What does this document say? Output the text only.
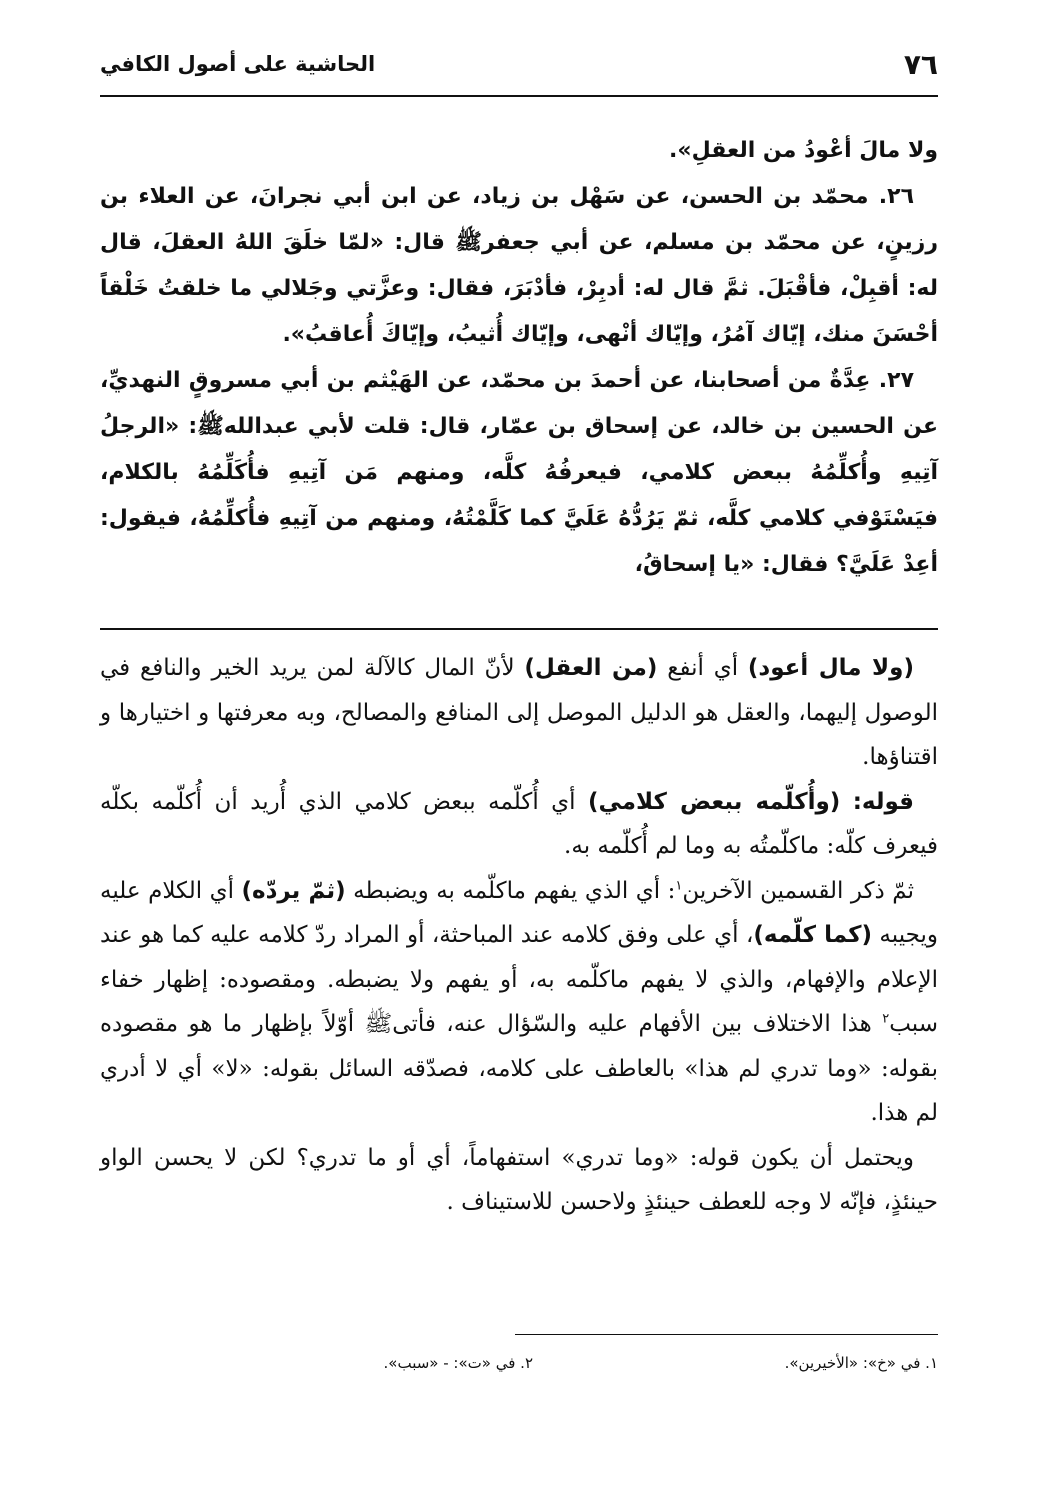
٧٦
الحاشية على أصول الكافي

ولا مالَ أعْودُ من العقلِ».

٢٦. محمّد بن الحسن، عن سَهْل بن زياد، عن ابن أبي نجرانَ، عن العلاء بن رزينٍ، عن محمّد بن مسلم، عن أبي جعفرﷺ قال: «لمّا خلَقَ اللهُ العقلَ، قال له: أقبِلْ، فأقْبَلَ. ثمَّ قال له: أدبِرْ، فأدْبَرَ، فقال: وعزَّتي وجَلالي ما خلقتُ خَلْقاً أحْسَنَ منك، إيّاك آمُرُ، وإيّاك أنْهى، وإيّاك أُثيبُ، وإيّاكَ أُعاقبُ».

٢٧. عِدَّةٌ من أصحابنا، عن أحمدَ بن محمّد، عن الهَيْثم بن أبي مسروقٍ النهديِّ، عن الحسين بن خالد، عن إسحاق بن عمّار، قال: قلت لأبي عبداللهﷺ: «الرجلُ آتِيهِ وأُكلِّمُهُ ببعض كلامي، فيعرفُهُ كلَّه، ومنهم مَن آتِيهِ فأُكَلِّمُهُ بالكلام، فيَسْتَوْفي كلامي كلَّه، ثمّ يَرُدُّهُ عَلَيَّ كما كَلَّمْتُهُ، ومنهم من آتِيهِ فأُكلِّمُهُ، فيقول: أعِدْ عَلَيَّ؟ فقال: «يا إسحاقُ،

(ولا مال أعود) أي أنفع (من العقل) لأنّ المال كالآلة لمن يريد الخير والنافع في الوصول إليهما، والعقل هو الدليل الموصل إلى المنافع والمصالح، وبه معرفتها و اختيارها و اقتناؤها.

قوله: (وأُكلّمه ببعض كلامي) أي أُكلّمه ببعض كلامي الذي أُريد أن أُكلّمه بكلّه فيعرف كلّه: ماكلّمتُه به وما لم أُكلّمه به.

ثمّ ذكر القسمين الآخرين$^١$: أي الذي يفهم ماكلّمه به ويضبطه (ثمّ يردّه) أي الكلام عليه ويجيبه (كما كلّمه)، أي على وفق كلامه عند المباحثة، أو المراد ردّ كلامه عليه كما هو عند الإعلام والإفهام، والذي لا يفهم ماكلّمه به، أو يفهم ولا يضبطه. ومقصوده: إظهار خفاء سبب$^٢$ هذا الاختلاف بين الأفهام عليه والسّؤال عنه، فأتىﷺ أوّلاً بإظهار ما هو مقصوده بقوله: «وما تدري لم هذا» بالعاطف على كلامه، فصدّقه السائل بقوله: «لا» أي لا أدري لم هذا.

ويحتمل أن يكون قوله: «وما تدري» استفهاماً، أي أو ما تدري؟ لكن لا يحسن الواو حينئذٍ، فإنّه لا وجه للعطف حينئذٍ ولاحسن للاستيناف .

١. في «خ»: «الأخيرين».
٢. في «ت»: - «سبب».
